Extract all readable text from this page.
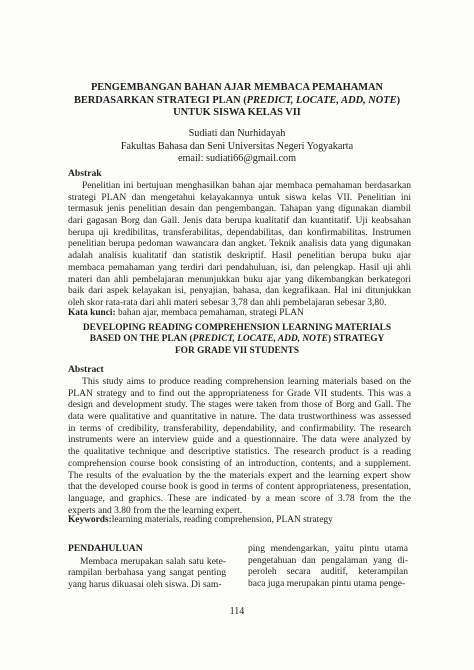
PENGEMBANGAN BAHAN AJAR MEMBACA PEMAHAMAN
BERDASARKAN STRATEGI PLAN (PREDICT, LOCATE, ADD, NOTE)
UNTUK SISWA KELAS VII
Sudiati dan Nurhidayah
Fakultas Bahasa dan Seni Universitas Negeri Yogyakarta
email: sudiati66@gmail.com
Abstrak
Penelitian ini bertujuan menghasilkan bahan ajar membaca pemahaman berdasarkan
strategi PLAN dan mengetahui kelayakannya untuk siswa kelas VII. Penelitian ini
termasuk jenis penelitian desain dan pengembangan. Tahapan yang digunakan diambil
dari gagasan Borg dan Gall. Jenis data berupa kualitatif dan kuantitatif. Uji keabsahan
berupa uji kredibilitas, transferabilitas, dependabilitas, dan konfirmabilitas. Instrumen
penelitian berupa pedoman wawancara dan angket. Teknik analisis data yang digunakan
adalah analisis kualitatif dan statistik deskriptif. Hasil penelitian berupa buku ajar
membaca pemahaman yang terdiri dari pendahuluan, isi, dan pelengkap. Hasil uji ahli
materi dan ahli pembelajaran menunjukkan buku ajar yang dikembangkan berkategori
baik dari aspek kelayakan isi, penyajian, bahasa, dan kegrafikaan. Hal ini ditunjukkan
oleh skor rata-rata dari ahli materi sebesar 3,78 dan ahli pembelajaran sebesar 3,80.
Kata kunci: bahan ajar, membaca pemahaman, strategi PLAN
DEVELOPING READING COMPREHENSION LEARNING MATERIALS
BASED ON THE PLAN (PREDICT, LOCATE, ADD, NOTE) STRATEGY
FOR GRADE VII STUDENTS
Abstract
This study aims to produce reading comprehension learning materials based on the
PLAN strategy and to find out the appropriateness for Grade VII students. This was a
design and development study. The stages were taken from those of Borg and Gall. The
data were qualitative and quantitative in nature. The data trustworthiness was assessed
in terms of credibility, transferability, dependability, and confirmability. The research
instruments were an interview guide and a questionnaire. The data were analyzed by
the qualitative technique and descriptive statistics. The research product is a reading
comprehension course book consisting of an introduction, contents, and a supplement.
The results of the evaluation by the the materials expert and the learning expert show
that the developed course book is good in terms of content appropriateness, presentation,
language, and graphics. These are indicated by a mean score of 3.78 from the the
experts and 3.80 from the the learning expert.
Keywords:learning materials, reading comprehension, PLAN strategy
PENDAHULUAN
Membaca merupakan salah satu kete-
rampilan berbahasa yang sangat penting
yang harus dikuasai oleh siswa. Di sam-
ping mendengarkan, yaitu pintu utama
pengetahuan dan pengalaman yang di-
peroleh secara auditif, keterampilan
baca juga merupakan pintu utama penge-
114
